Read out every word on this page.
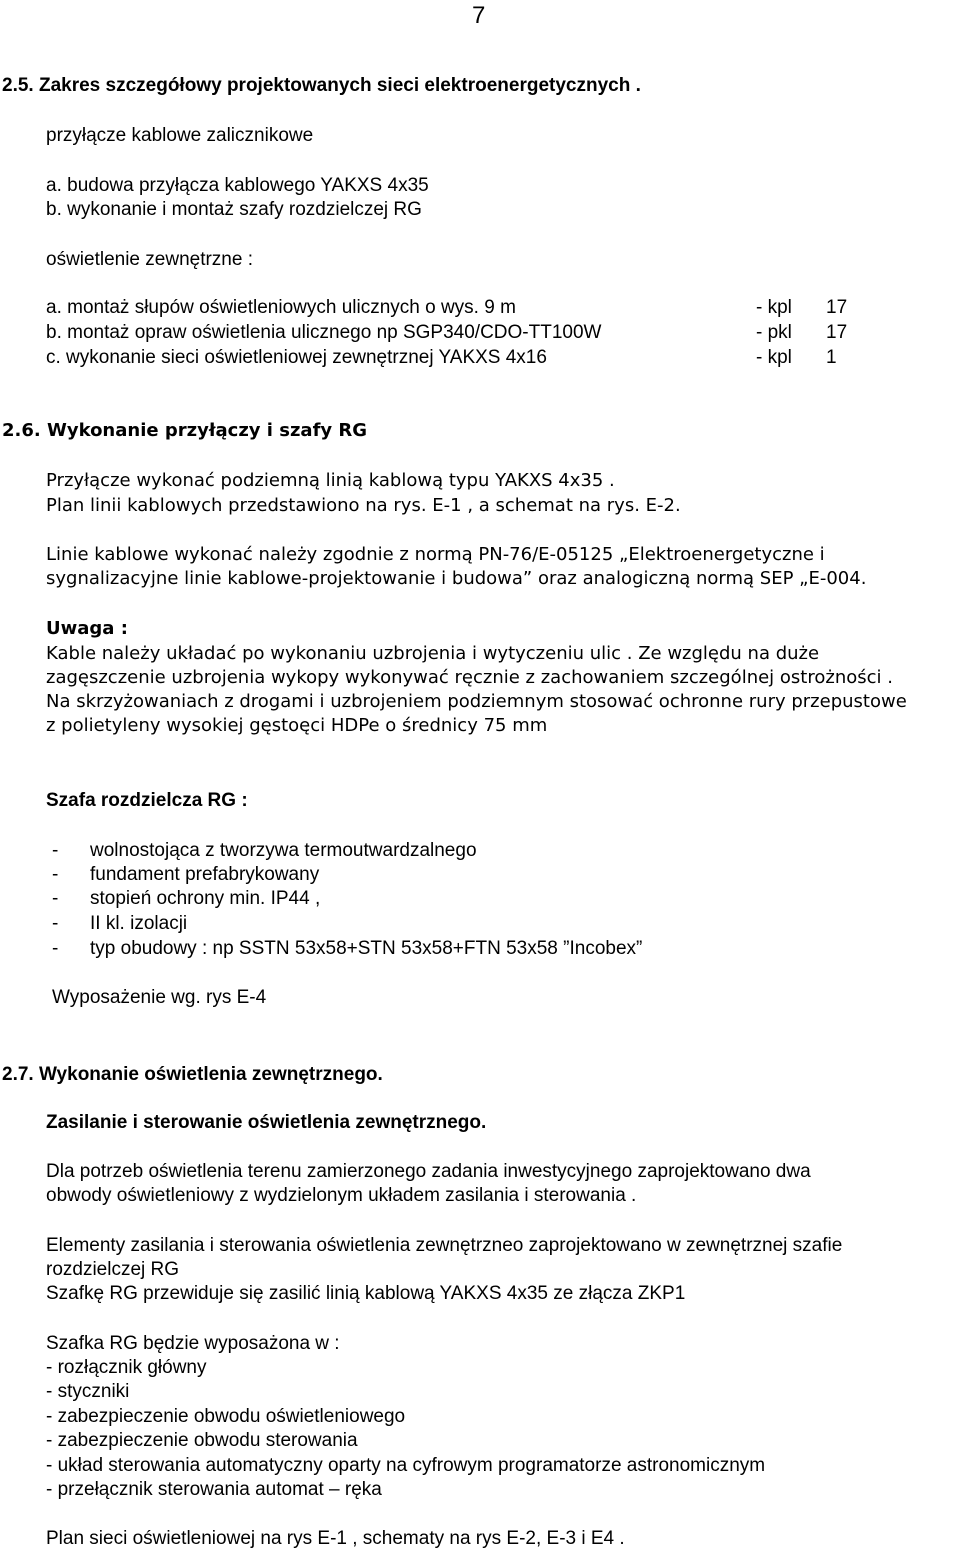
7
2.5. Zakres szczegółowy projektowanych sieci elektroenergetycznych .
przyłącze kablowe zalicznikowe
a. budowa przyłącza kablowego YAKXS 4x35
b. wykonanie i montaż szafy rozdzielczej RG
oświetlenie zewnętrzne :
a. montaż słupów oświetleniowych ulicznych o wys. 9 m	- kpl 17
b. montaż opraw oświetlenia ulicznego np SGP340/CDO-TT100W	- pkl 17
c. wykonanie sieci oświetleniowej zewnętrznej YAKXS 4x16	- kpl 1
2.6. Wykonanie przyłączy i szafy RG
Przyłącze wykonać podziemną linią kablową typu YAKXS 4x35 .
Plan linii kablowych przedstawiono na rys. E-1 , a schemat na rys. E-2.
Linie kablowe wykonać należy zgodnie z normą PN-76/E-05125 „Elektroenergetyczne i
sygnalizacyjne linie kablowe-projektowanie i budowa” oraz analogiczną normą SEP „E-004.
Uwaga :
Kable należy układać po wykonaniu uzbrojenia i wytyczeniu ulic . Ze względu na duże
zagęszczenie uzbrojenia wykopy wykonywać ręcznie z zachowaniem szczególnej ostrożności .
Na skrzyżowaniach z drogami i uzbrojeniem podziemnym stosować ochronne rury przepustowe
z polietyleny wysokiej gęstoęci HDPe o średnicy 75 mm
Szafa rozdzielcza RG :
- wolnostojąca z tworzywa termoutwardzalnego
- fundament prefabrykowany
- stopień ochrony min. IP44 ,
- II kl. izolacji
- typ obudowy : np SSTN 53x58+STN 53x58+FTN 53x58 ”Incobex”
Wyposażenie wg. rys E-4
2.7. Wykonanie oświetlenia zewnętrznego.
Zasilanie i sterowanie oświetlenia zewnętrznego.
Dla potrzeb oświetlenia terenu zamierzonego zadania inwestycyjnego zaprojektowano dwa
obwody oświetleniowy z wydzielonym układem zasilania i sterowania .
Elementy zasilania i sterowania oświetlenia zewnętrzneo zaprojektowano w zewnętrznej szafie
rozdzielczej RG
Szafkę RG przewiduje się zasilić linią kablową YAKXS 4x35 ze złącza ZKP1
Szafka RG będzie wyposażona w :
- rozłącznik główny
- styczniki
- zabezpieczenie obwodu oświetleniowego
- zabezpieczenie obwodu sterowania
- układ sterowania automatyczny oparty na cyfrowym programatorze astronomicznym
- przełącznik sterowania automat – ręka
Plan sieci oświetleniowej na rys E-1 , schematy na rys E-2, E-3 i E4 .
